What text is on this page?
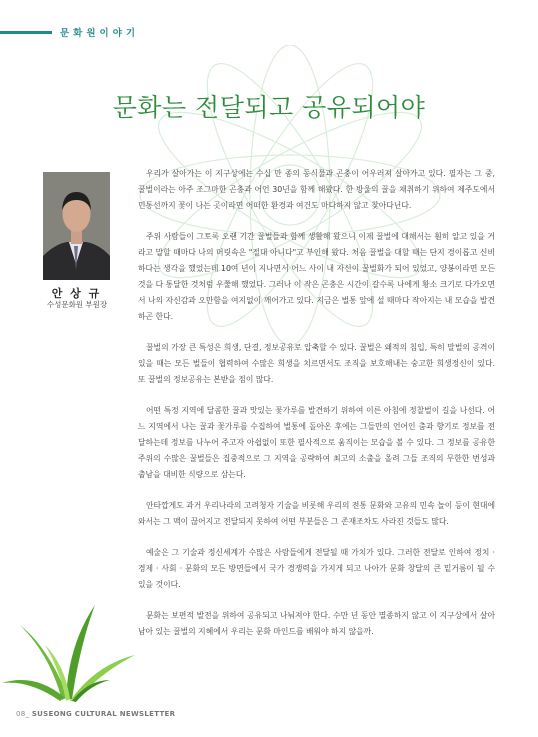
문화원이야기
문화는 전달되고 공유되어야
안 상 규
수성문화원 부원장

우리가 살아가는 이 지구상에는 수십 만 종의 동식물과 곤충이 어우러져 살아가고 있다. 필자는 그 중, 꿀벌이라는 아주 조그마한 곤충과 어언 30년을 함께 해왔다. 한 방울의 꿀을 채취하기 위하여 제주도에서 민통선까지 꽃이 나는 곳이라면 어떠한 환경과 여건도 마다하지 않고 찾아다닌다.

주위 사람들이 그토록 오랜 기간 꿀벌들과 함께 생활해 왔으니 이제 꿀벌에 대해서는 훤히 알고 있을 거라고 말할 때마다 나의 머릿속은 "절대 아니다"고 부인해 왔다. 처음 꿀벌을 대할 때는 단지 경이롭고 신비하다는 생각을 했었는데 10여 년이 지나면서 어느 사이 내 자신이 꿀벌화가 되어 있었고, 양봉이라면 모든 것을 다 통달한 것처럼 우쭐해 했었다. 그러나 이 작은 곤충은 시간이 갈수록 나에게 황소 크기로 다가오면서 나의 자신감과 오만함을 여지없이 깨어가고 있다. 지금은 벌통 앞에 설 때마다 작아지는 내 모습을 발견하곤 한다.

꿀벌의 가장 큰 특성은 희생, 단결, 정보공유로 압축할 수 있다. 꿀벌은 왜적의 침입, 특히 말벌의 공격이 있을 때는 모든 벌들이 협력하여 수많은 희생을 치르면서도 조직을 보호해내는 숭고한 희생정신이 있다. 또 꿀벌의 정보공유는 본받을 점이 많다.

어떤 특정 지역에 달콤한 꿀과 맛있는 꽃가루를 발견하기 위하여 이른 아침에 정찰벌이 길을 나선다. 어느 지역에서 나는 꿀과 꽃가루를 수집하여 벌통에 돌아온 후에는 그들만의 언어인 춤과 향기로 정보를 전달하는데 정보를 나누어 주고자 아쉽없이 또한 필사적으로 움직이는 모습을 볼 수 있다. 그 정보를 공유한 주위의 수많은 꿀벌들은 집중적으로 그 지역을 공략하여 최고의 소출을 올려 그들 조직의 무한한 번성과 춥남을 대비한 식량으로 삼는다.

안타깝게도 과거 우리나라의 고려청자 기술을 비롯해 우리의 전통 문화와 고유의 민속 놀이 등이 현대에 와서는 그 맥이 끊어지고 전달되지 못하여 어떤 부분들은 그 존재조차도 사라진 것들도 많다.

예술은 그 기술과 정신세계가 수많은 사람들에게 전달될 때 가치가 있다. 그러한 전달로 인하여 정치 · 경제 · 사회 · 문화의 모든 방면들에서 국가 경쟁력을 가지게 되고 나아가 문화 창달의 큰 밑거름이 될 수 있을 것이다.

문화는 보편적 발전을 위하여 공유되고 나눠져야 한다. 수만 년 동안 멸종하지 않고 이 지구상에서 살아남아 있는 꿀벌의 지혜에서 우리는 문화 마인드를 배워야 하지 않을까.

08_ SUSEONG CULTURAL NEWSLETTER
